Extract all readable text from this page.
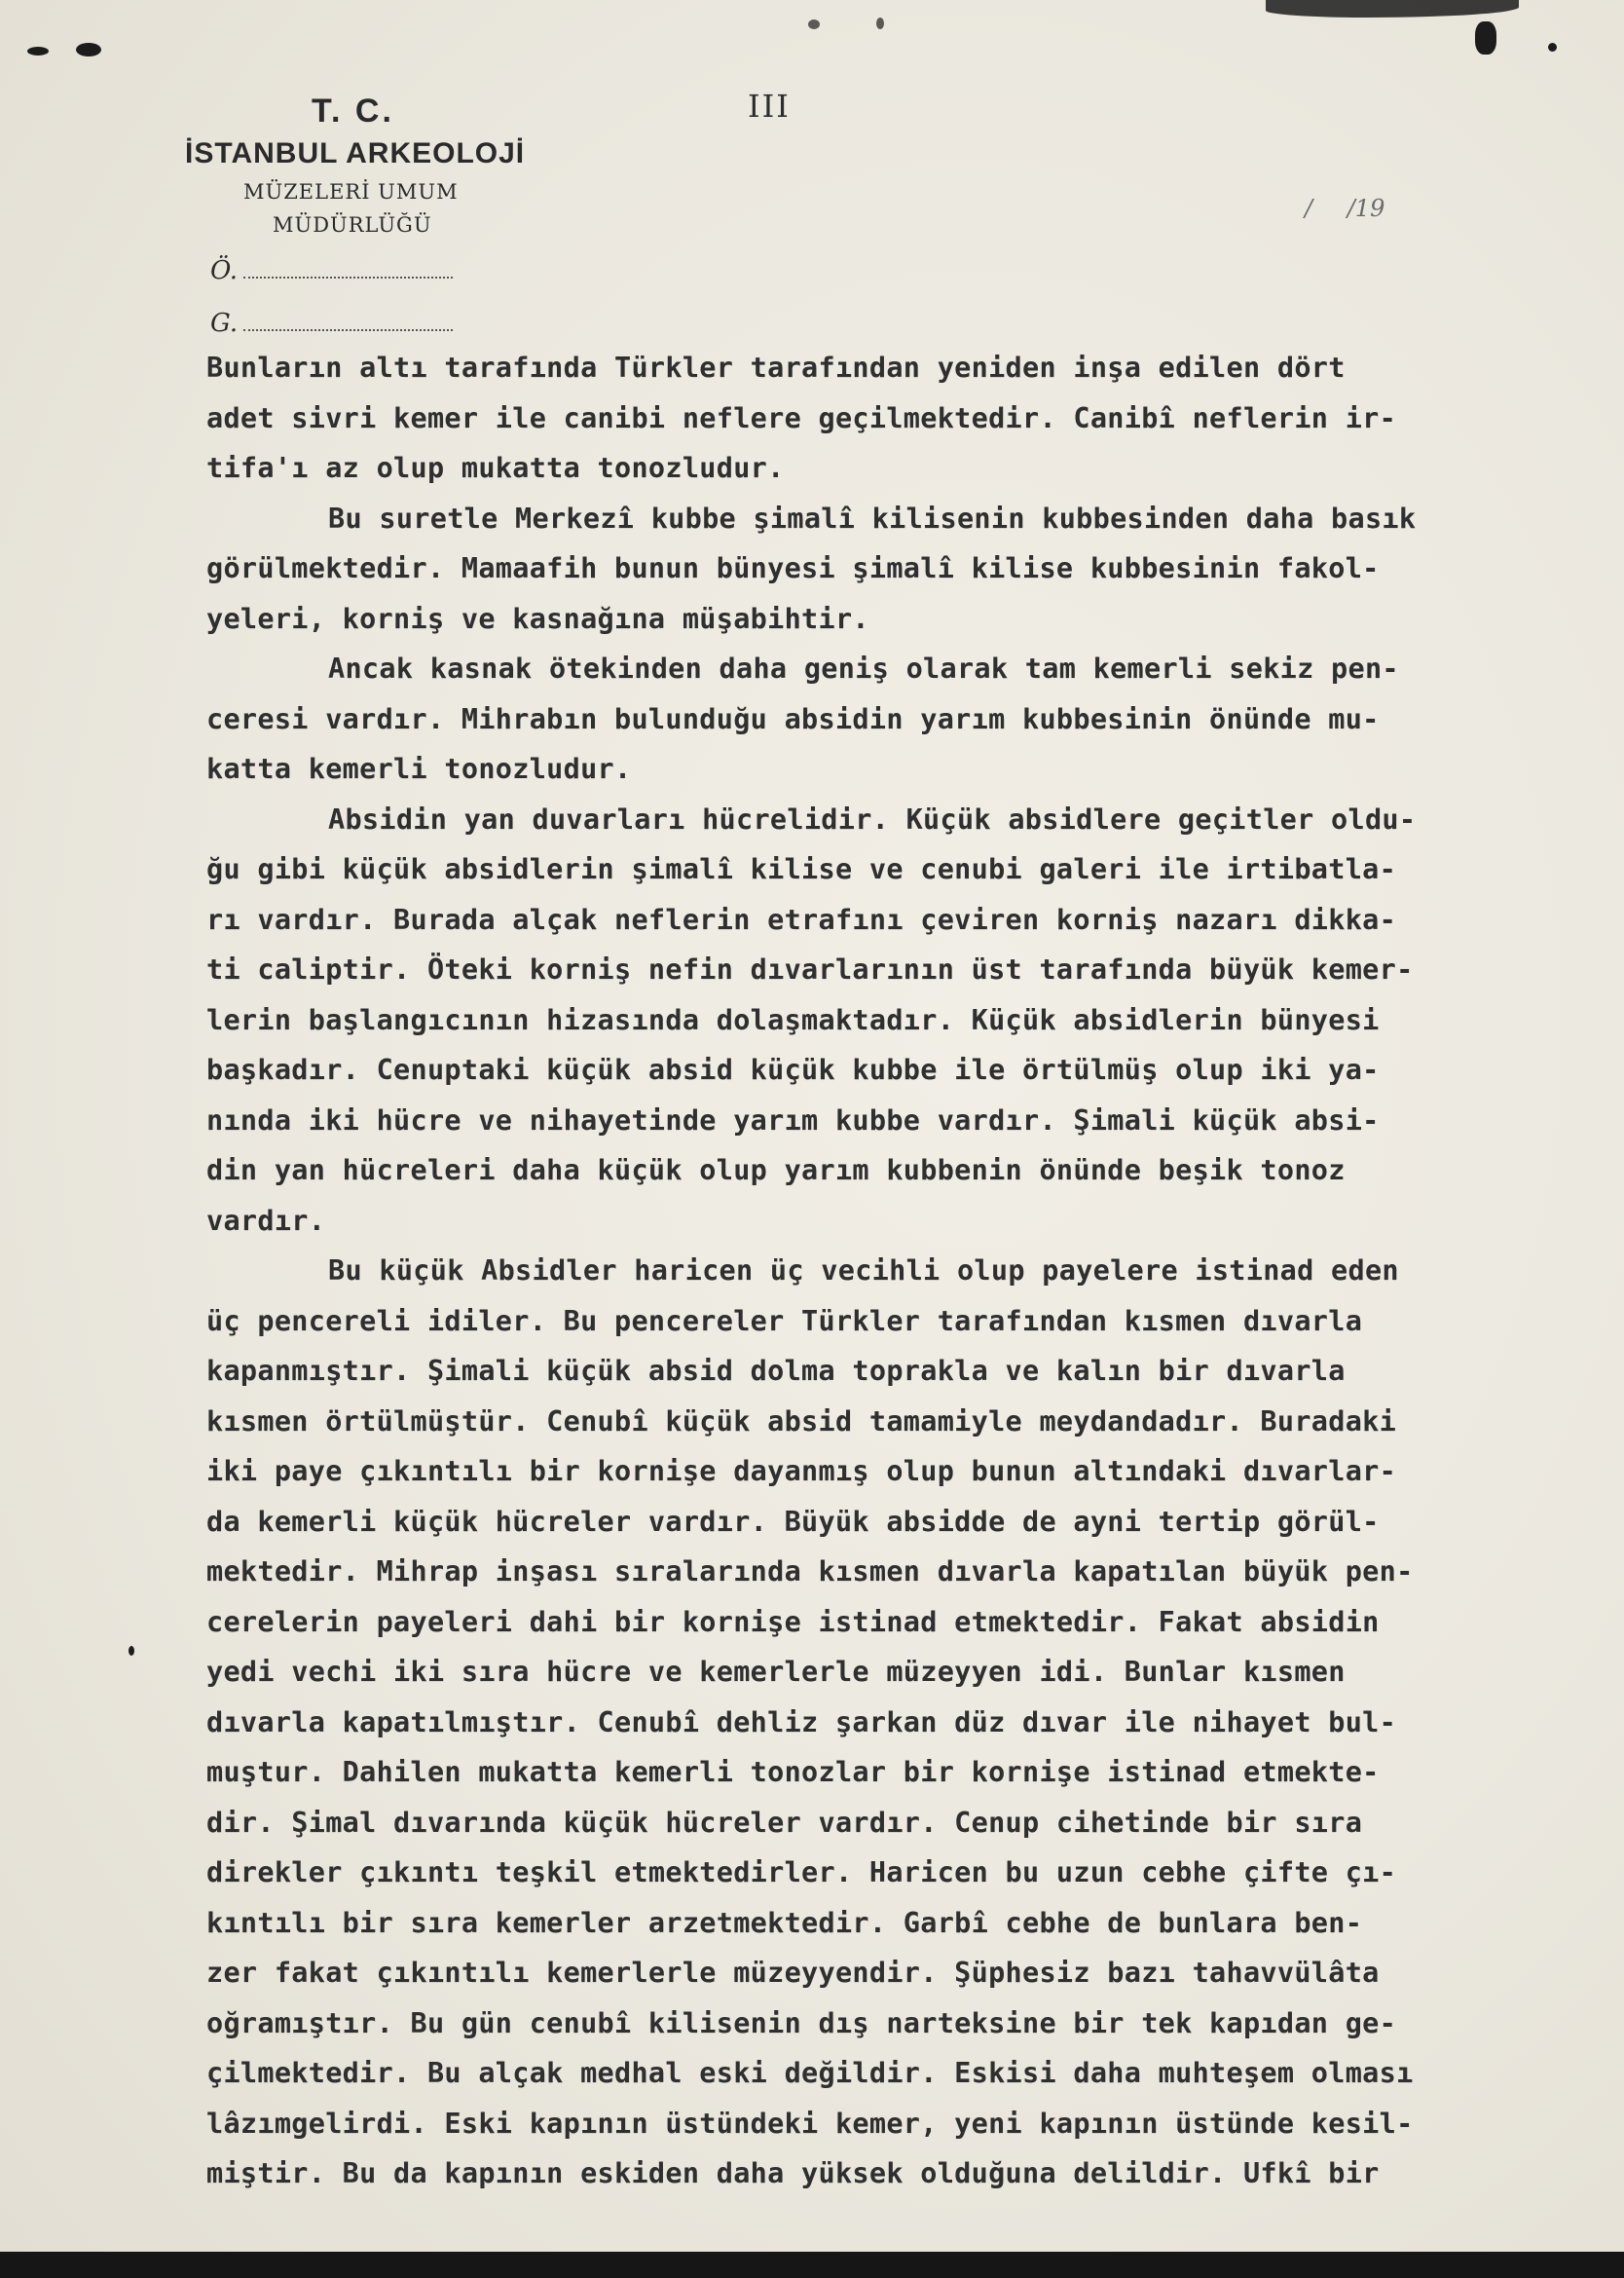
III
T. C.
İSTANBUL ARKEOLOJİ
MÜZELERİ UMUM
MÜDÜRLÜĞÜ
Ö.
G.
/ /19
Bunların altı tarafında Türkler tarafından yeniden inşa edilen dört
adet sivri kemer ile canibi neflere geçilmektedir. Canibî neflerin ir-
tifa'ı az olup mukatta tonozludur.
Bu suretle Merkezî kubbe şimalî kilisenin kubbesinden daha basık
görülmektedir. Mamaafih bunun bünyesi şimalî kilise kubbesinin fakol-
yeleri, korniş ve kasnağına müşabihtir.
Ancak kasnak ötekinden daha geniş olarak tam kemerli sekiz pen-
ceresi vardır. Mihrabın bulunduğu absidin yarım kubbesinin önünde mu-
katta kemerli tonozludur.
Absidin yan duvarları hücrelidir. Küçük absidlere geçitler oldu-
ğu gibi küçük absidlerin şimalî kilise ve cenubi galeri ile irtibatla-
rı vardır. Burada alçak neflerin etrafını çeviren korniş nazarı dikka-
ti caliptir. Öteki korniş nefin dıvarlarının üst tarafında büyük kemer-
lerin başlangıcının hizasında dolaşmaktadır. Küçük absidlerin bünyesi
başkadır. Cenuptaki küçük absid küçük kubbe ile örtülmüş olup iki ya-
nında iki hücre ve nihayetinde yarım kubbe vardır. Şimali küçük absi-
din yan hücreleri daha küçük olup yarım kubbenin önünde beşik tonoz
vardır.
Bu küçük Absidler haricen üç vecihli olup payelere istinad eden
üç pencereli idiler. Bu pencereler Türkler tarafından kısmen dıvarla
kapanmıştır. Şimali küçük absid dolma toprakla ve kalın bir dıvarla
kısmen örtülmüştür. Cenubî küçük absid tamamiyle meydandadır. Buradaki
iki paye çıkıntılı bir kornişe dayanmış olup bunun altındaki dıvarlar-
da kemerli küçük hücreler vardır. Büyük absidde de ayni tertip görül-
mektedir. Mihrap inşası sıralarında kısmen dıvarla kapatılan büyük pen-
cerelerin payeleri dahi bir kornişe istinad etmektedir. Fakat absidin
yedi vechi iki sıra hücre ve kemerlerle müzeyyen idi. Bunlar kısmen
dıvarla kapatılmıştır. Cenubî dehliz şarkan düz dıvar ile nihayet bul-
muştur. Dahilen mukatta kemerli tonozlar bir kornişe istinad etmekte-
dir. Şimal dıvarında küçük hücreler vardır. Cenup cihetinde bir sıra
direkler çıkıntı teşkil etmektedirler. Haricen bu uzun cebhe çifte çı-
kıntılı bir sıra kemerler arzetmektedir. Garbî cebhe de bunlara ben-
zer fakat çıkıntılı kemerlerle müzeyyendir. Şüphesiz bazı tahavvülâta
oğramıştır. Bu gün cenubî kilisenin dış narteksine bir tek kapıdan ge-
çilmektedir. Bu alçak medhal eski değildir. Eskisi daha muhteşem olması
lâzımgelirdi. Eski kapının üstündeki kemer, yeni kapının üstünde kesil-
miştir. Bu da kapının eskiden daha yüksek olduğuna delildir. Ufkî bir
